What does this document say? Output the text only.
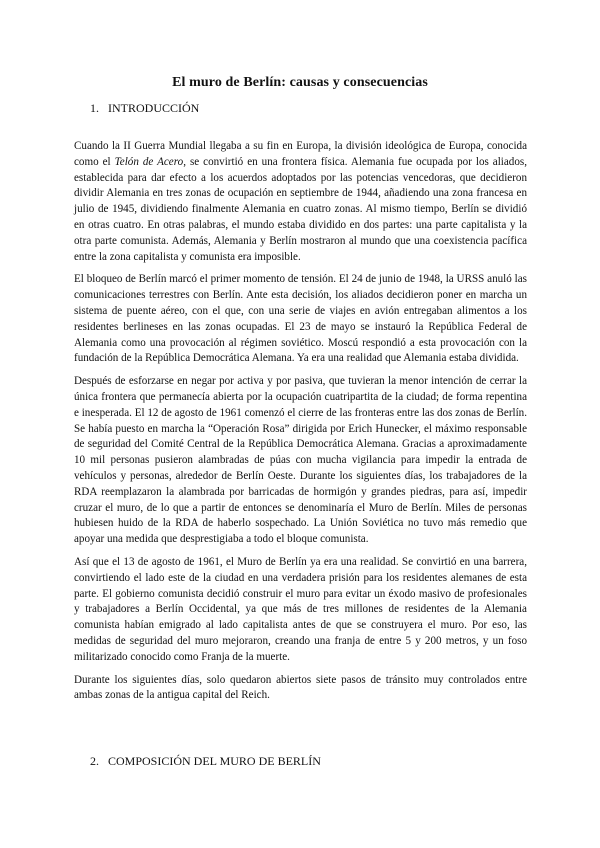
El muro de Berlín: causas y consecuencias
1. INTRODUCCIÓN

Cuando la II Guerra Mundial llegaba a su fin en Europa, la división ideológica de Europa, conocida como el Telón de Acero, se convirtió en una frontera física. Alemania fue ocupada por los aliados, establecida para dar efecto a los acuerdos adoptados por las potencias vencedoras, que decidieron dividir Alemania en tres zonas de ocupación en septiembre de 1944, añadiendo una zona francesa en julio de 1945, dividiendo finalmente Alemania en cuatro zonas. Al mismo tiempo, Berlín se dividió en otras cuatro. En otras palabras, el mundo estaba dividido en dos partes: una parte capitalista y la otra parte comunista. Además, Alemania y Berlín mostraron al mundo que una coexistencia pacífica entre la zona capitalista y comunista era imposible.

El bloqueo de Berlín marcó el primer momento de tensión. El 24 de junio de 1948, la URSS anuló las comunicaciones terrestres con Berlín. Ante esta decisión, los aliados decidieron poner en marcha un sistema de puente aéreo, con el que, con una serie de viajes en avión entregaban alimentos a los residentes berlineses en las zonas ocupadas. El 23 de mayo se instauró la República Federal de Alemania como una provocación al régimen soviético. Moscú respondió a esta provocación con la fundación de la República Democrática Alemana. Ya era una realidad que Alemania estaba dividida.

Después de esforzarse en negar por activa y por pasiva, que tuvieran la menor intención de cerrar la única frontera que permanecía abierta por la ocupación cuatripartita de la ciudad; de forma repentina e inesperada. El 12 de agosto de 1961 comenzó el cierre de las fronteras entre las dos zonas de Berlín. Se había puesto en marcha la “Operación Rosa” dirigida por Erich Hunecker, el máximo responsable de seguridad del Comité Central de la República Democrática Alemana. Gracias a aproximadamente 10 mil personas pusieron alambradas de púas con mucha vigilancia para impedir la entrada de vehículos y personas, alrededor de Berlín Oeste. Durante los siguientes días, los trabajadores de la RDA reemplazaron la alambrada por barricadas de hormigón y grandes piedras, para así, impedir cruzar el muro, de lo que a partir de entonces se denominaría el Muro de Berlín. Miles de personas hubiesen huido de la RDA de haberlo sospechado. La Unión Soviética no tuvo más remedio que apoyar una medida que desprestigiaba a todo el bloque comunista.

Así que el 13 de agosto de 1961, el Muro de Berlín ya era una realidad. Se convirtió en una barrera, convirtiendo el lado este de la ciudad en una verdadera prisión para los residentes alemanes de esta parte. El gobierno comunista decidió construir el muro para evitar un éxodo masivo de profesionales y trabajadores a Berlín Occidental, ya que más de tres millones de residentes de la Alemania comunista habían emigrado al lado capitalista antes de que se construyera el muro. Por eso, las medidas de seguridad del muro mejoraron, creando una franja de entre 5 y 200 metros, y un foso militarizado conocido como Franja de la muerte.

Durante los siguientes días, solo quedaron abiertos siete pasos de tránsito muy controlados entre ambas zonas de la antigua capital del Reich.

2. COMPOSICIÓN DEL MURO DE BERLÍN
